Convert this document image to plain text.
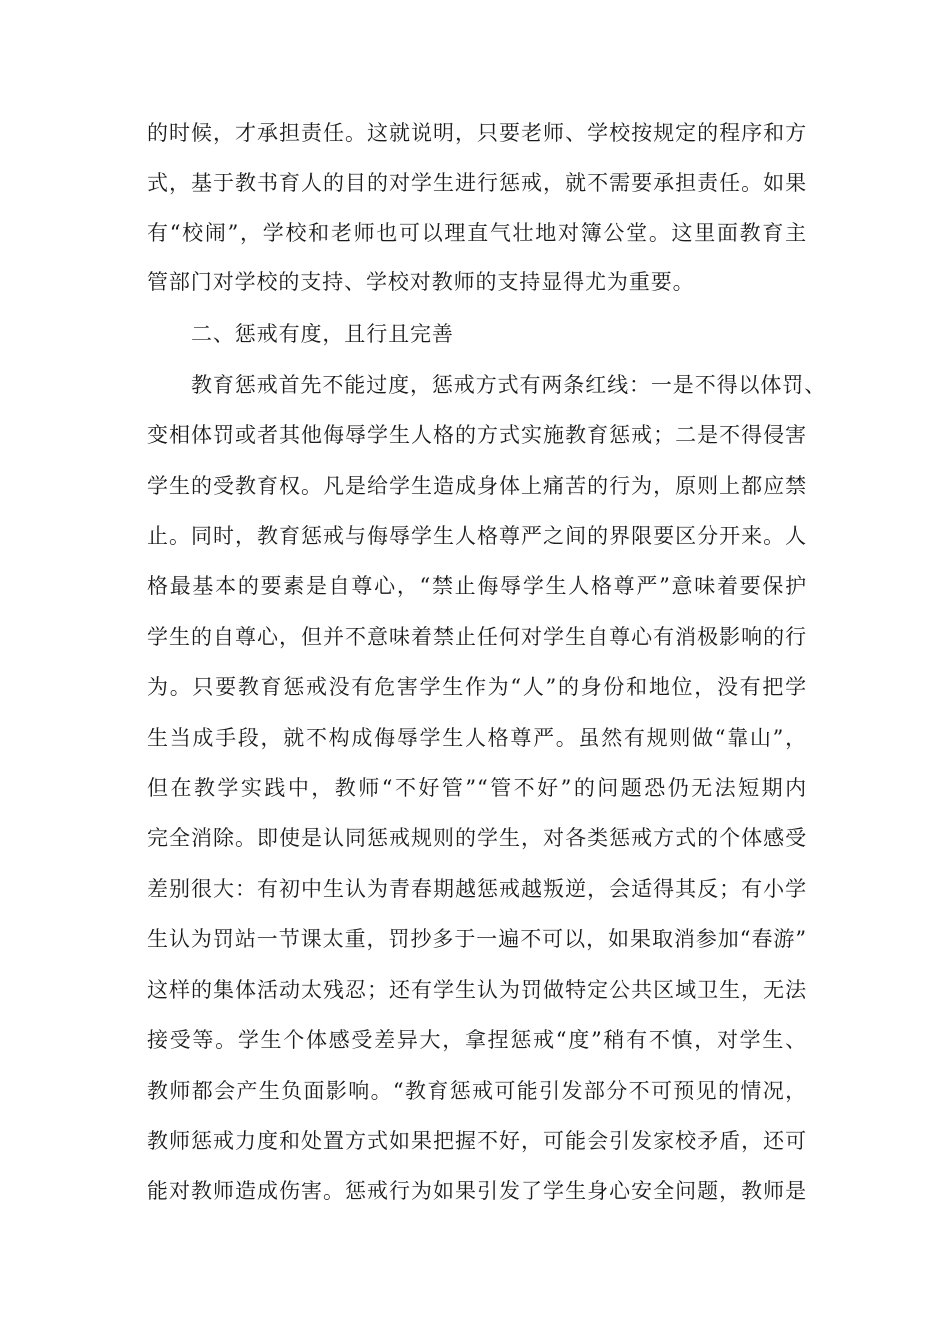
的时候，才承担责任。这就说明，只要老师、学校按规定的程序和方
式，基于教书育人的目的对学生进行惩戒，就不需要承担责任。如果
有“校闹”，学校和老师也可以理直气壮地对簿公堂。这里面教育主
管部门对学校的支持、学校对教师的支持显得尤为重要。
二、惩戒有度，且行且完善
教育惩戒首先不能过度，惩戒方式有两条红线：一是不得以体罚、
变相体罚或者其他侮辱学生人格的方式实施教育惩戒；二是不得侵害
学生的受教育权。凡是给学生造成身体上痛苦的行为，原则上都应禁
止。同时，教育惩戒与侮辱学生人格尊严之间的界限要区分开来。人
格最基本的要素是自尊心，“禁止侮辱学生人格尊严”意味着要保护
学生的自尊心，但并不意味着禁止任何对学生自尊心有消极影响的行
为。只要教育惩戒没有危害学生作为“人”的身份和地位，没有把学
生当成手段，就不构成侮辱学生人格尊严。虽然有规则做“靠山”，
但在教学实践中，教师“不好管”“管不好”的问题恐仍无法短期内
完全消除。即使是认同惩戒规则的学生，对各类惩戒方式的个体感受
差别很大：有初中生认为青春期越惩戒越叛逆，会适得其反；有小学
生认为罚站一节课太重，罚抄多于一遍不可以，如果取消参加“春游”
这样的集体活动太残忍；还有学生认为罚做特定公共区域卫生，无法
接受等。学生个体感受差异大，拿捏惩戒“度”稍有不慎，对学生、
教师都会产生负面影响。“教育惩戒可能引发部分不可预见的情况，
教师惩戒力度和处置方式如果把握不好，可能会引发家校矛盾，还可
能对教师造成伤害。惩戒行为如果引发了学生身心安全问题，教师是
